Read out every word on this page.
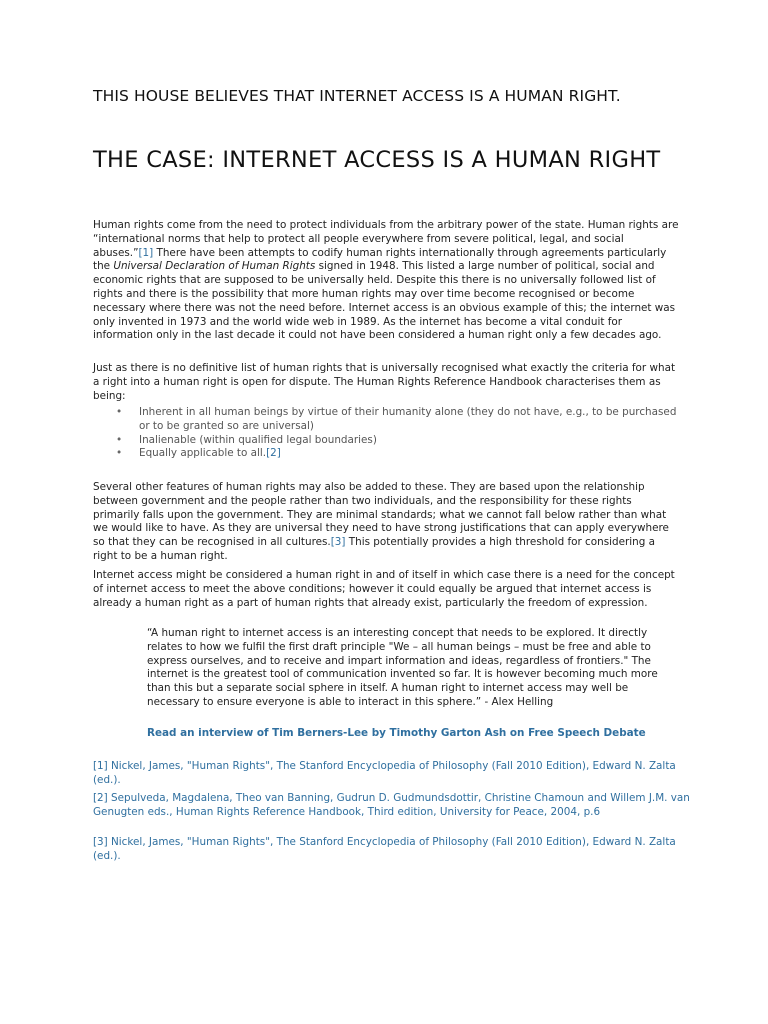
THIS HOUSE BELIEVES THAT INTERNET ACCESS IS A HUMAN RIGHT.
THE CASE: INTERNET ACCESS IS A HUMAN RIGHT

Human rights come from the need to protect individuals from the arbitrary power of the state. Human rights are “international norms that help to protect all people everywhere from severe political, legal, and social abuses.”[1] There have been attempts to codify human rights internationally through agreements particularly the Universal Declaration of Human Rights signed in 1948. This listed a large number of political, social and economic rights that are supposed to be universally held. Despite this there is no universally followed list of rights and there is the possibility that more human rights may over time become recognised or become necessary where there was not the need before. Internet access is an obvious example of this; the internet was only invented in 1973 and the world wide web in 1989. As the internet has become a vital conduit for information only in the last decade it could not have been considered a human right only a few decades ago.

Just as there is no definitive list of human rights that is universally recognised what exactly the criteria for what a right into a human right is open for dispute. The Human Rights Reference Handbook characterises them as being:

• Inherent in all human beings by virtue of their humanity alone (they do not have, e.g., to be purchased or to be granted so are universal)
• Inalienable (within qualified legal boundaries)
• Equally applicable to all.[2]

Several other features of human rights may also be added to these. They are based upon the relationship between government and the people rather than two individuals, and the responsibility for these rights primarily falls upon the government. They are minimal standards; what we cannot fall below rather than what we would like to have. As they are universal they need to have strong justifications that can apply everywhere so that they can be recognised in all cultures.[3] This potentially provides a high threshold for considering a right to be a human right.

Internet access might be considered a human right in and of itself in which case there is a need for the concept of internet access to meet the above conditions; however it could equally be argued that internet access is already a human right as a part of human rights that already exist, particularly the freedom of expression.

“A human right to internet access is an interesting concept that needs to be explored. It directly relates to how we fulfil the first draft principle "We – all human beings – must be free and able to express ourselves, and to receive and impart information and ideas, regardless of frontiers." The internet is the greatest tool of communication invented so far. It is however becoming much more than this but a separate social sphere in itself. A human right to internet access may well be necessary to ensure everyone is able to interact in this sphere.” - Alex Helling

Read an interview of Tim Berners-Lee by Timothy Garton Ash on Free Speech Debate

[1] Nickel, James, "Human Rights", The Stanford Encyclopedia of Philosophy (Fall 2010 Edition), Edward N. Zalta (ed.).

[2] Sepulveda, Magdalena, Theo van Banning, Gudrun D. Gudmundsdottir, Christine Chamoun and Willem J.M. van Genugten eds., Human Rights Reference Handbook, Third edition, University for Peace, 2004, p.6

[3] Nickel, James, "Human Rights", The Stanford Encyclopedia of Philosophy (Fall 2010 Edition), Edward N. Zalta (ed.).
